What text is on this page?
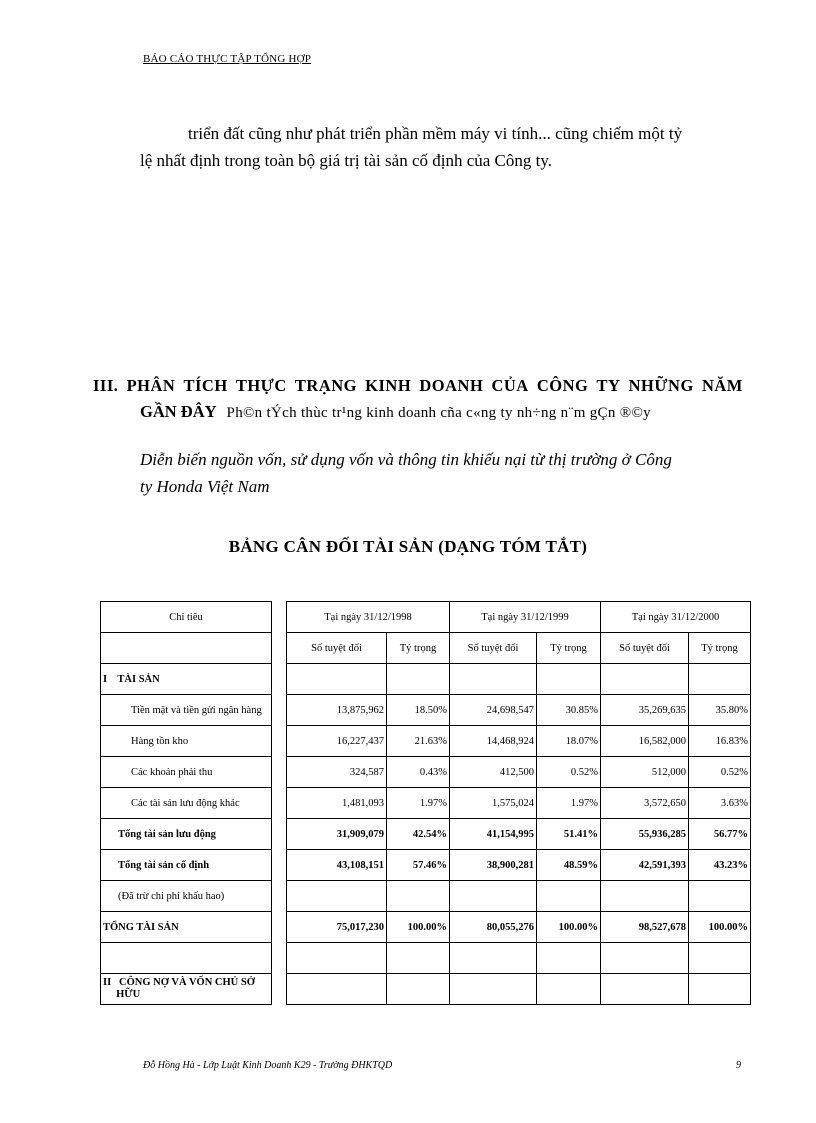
BÁO CÁO THỰC TẬP TỔNG HỢP
triển đất cũng như phát triển phần mềm máy vi tính... cũng chiếm một tỷ
lệ nhất định trong toàn bộ giá trị tài sản cố định của Công ty.
III. PHÂN TÍCH THỰC TRẠNG KINH DOANH CỦA CÔNG TY NHỮNG NĂM
GẦN ĐÂY Ph©n tÝch thùc tr¹ng kinh doanh cña c«ng ty nh÷ng n¨m gÇn ®©y
Diễn biến nguồn vốn, sử dụng vốn và thông tin khiếu nại từ thị trường ở Công
ty Honda Việt Nam
BẢNG CÂN ĐỐI TÀI SẢN (DẠNG TÓM TẮT)
Chỉ tiêu		Tại ngày 31/12/1998		Tại ngày 31/12/1999		Tại ngày 31/12/2000	
		Số tuyệt đối	Tỷ trọng	Số tuyệt đối	Tỷ trọng	Số tuyệt đối	Tỷ trọng
I    TÀI SẢN							
Tiền mặt và tiền gửi ngân hàng		13,875,962	18.50%	24,698,547	30.85%	35,269,635	35.80%
Hàng tồn kho		16,227,437	21.63%	14,468,924	18.07%	16,582,000	16.83%
Các khoản phải thu		324,587	0.43%	412,500	0.52%	512,000	0.52%
Các tài sản lưu động khác		1,481,093	1.97%	1,575,024	1.97%	3,572,650	3.63%
Tổng tài sản lưu động		31,909,079	42.54%	41,154,995	51.41%	55,936,285	56.77%
Tổng tài sản cố định		43,108,151	57.46%	38,900,281	48.59%	42,591,393	43.23%
(Đã trừ chi phí khấu hao)							
TỔNG TÀI SẢN		75,017,230	100.00%	80,055,276	100.00%	98,527,678	100.00%

II   CÔNG NỢ VÀ VỐN CHỦ SỞ
HỮU							
Đỗ Hồng Hà - Lớp Luật Kinh Doanh K29 - Trường ĐHKTQD	9
